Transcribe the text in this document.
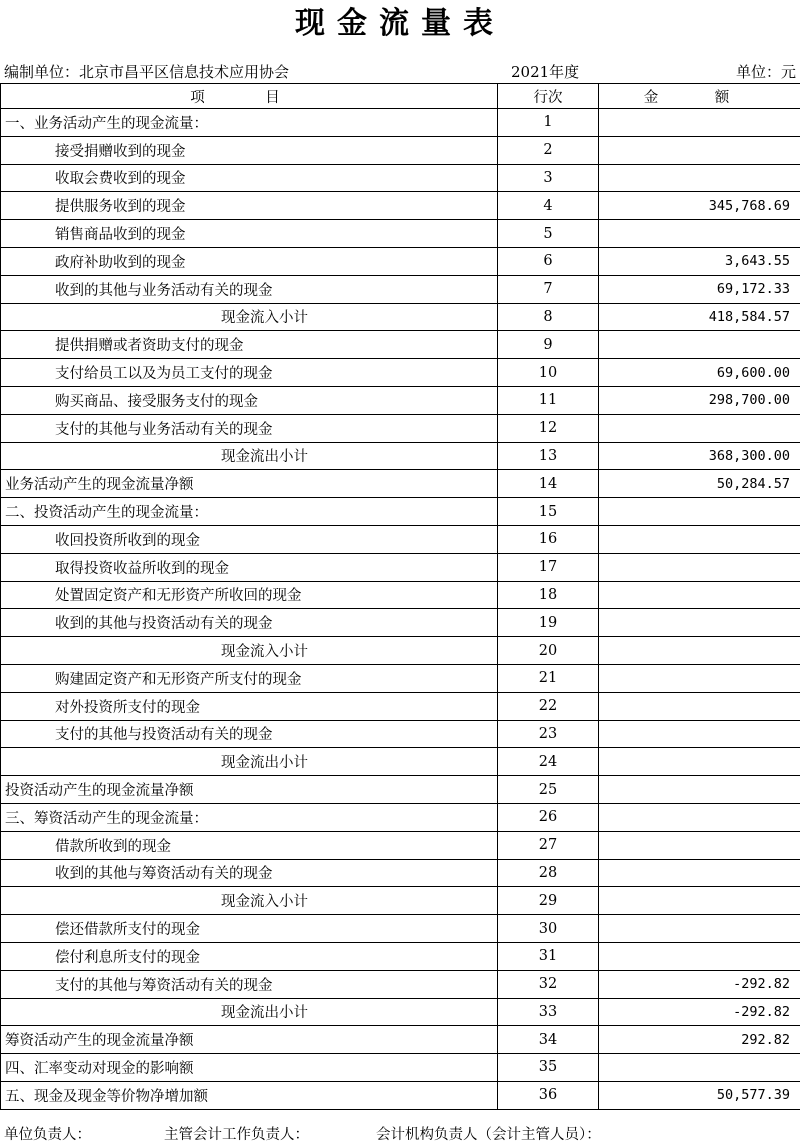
现金流量表
编制单位：北京市昌平区信息技术应用协会	2021年度	单位：元
项 目	行次	金 额
一、业务活动产生的现金流量：	1	
接受捐赠收到的现金	2	
收取会费收到的现金	3	
提供服务收到的现金	4	345,768.69
销售商品收到的现金	5	
政府补助收到的现金	6	3,643.55
收到的其他与业务活动有关的现金	7	69,172.33
现金流入小计	8	418,584.57
提供捐赠或者资助支付的现金	9	
支付给员工以及为员工支付的现金	10	69,600.00
购买商品、接受服务支付的现金	11	298,700.00
支付的其他与业务活动有关的现金	12	
现金流出小计	13	368,300.00
业务活动产生的现金流量净额	14	50,284.57
二、投资活动产生的现金流量：	15	
收回投资所收到的现金	16	
取得投资收益所收到的现金	17	
处置固定资产和无形资产所收回的现金	18	
收到的其他与投资活动有关的现金	19	
现金流入小计	20	
购建固定资产和无形资产所支付的现金	21	
对外投资所支付的现金	22	
支付的其他与投资活动有关的现金	23	
现金流出小计	24	
投资活动产生的现金流量净额	25	
三、筹资活动产生的现金流量：	26	
借款所收到的现金	27	
收到的其他与筹资活动有关的现金	28	
现金流入小计	29	
偿还借款所支付的现金	30	
偿付利息所支付的现金	31	
支付的其他与筹资活动有关的现金	32	-292.82
现金流出小计	33	-292.82
筹资活动产生的现金流量净额	34	292.82
四、汇率变动对现金的影响额	35	
五、现金及现金等价物净增加额	36	50,577.39
单位负责人：	主管会计工作负责人：	会计机构负责人（会计主管人员）：
